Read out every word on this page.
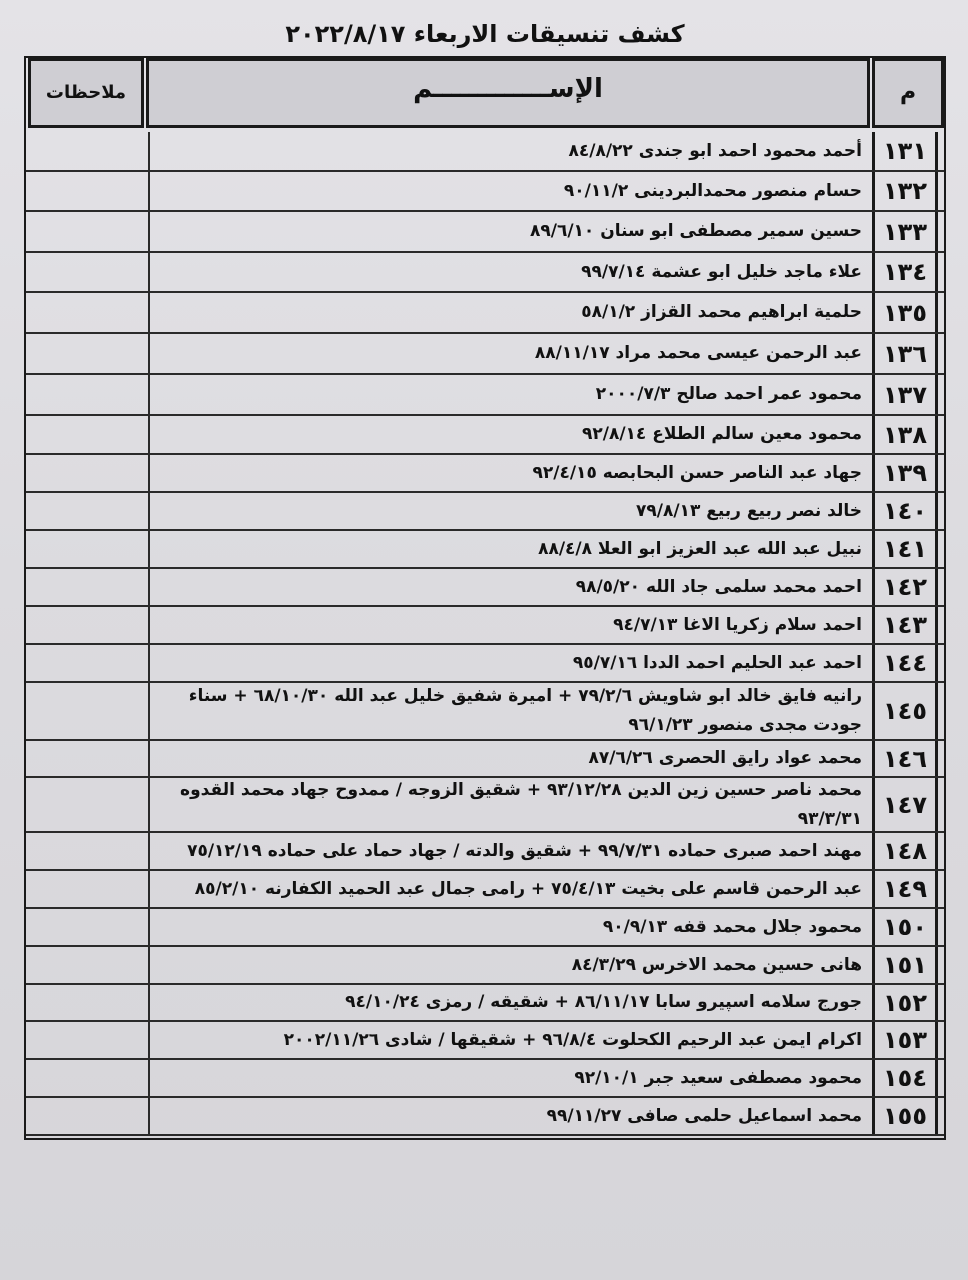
كشف تنسيقات الاربعاء ٢٠٢٢/٨/١٧
م
الإســـــــــــــم
ملاحظات
١٣١
أحمد محمود احمد ابو جندى ٨٤/٨/٢٢
١٣٢
حسام منصور محمدالبردينى ٩٠/١١/٢
١٣٣
حسين سمير مصطفى ابو سنان ٨٩/٦/١٠
١٣٤
علاء ماجد خليل ابو عشمة ٩٩/٧/١٤
١٣٥
حلمية ابراهيم محمد القزاز ٥٨/١/٢
١٣٦
عبد الرحمن عيسى محمد مراد ٨٨/١١/١٧
١٣٧
محمود عمر احمد صالح ٢٠٠٠/٧/٣
١٣٨
محمود معين سالم الطلاع ٩٢/٨/١٤
١٣٩
جهاد عبد الناصر حسن البحابصه ٩٢/٤/١٥
١٤٠
خالد نصر ربيع ربيع ٧٩/٨/١٣
١٤١
نبيل عبد الله عبد العزيز ابو العلا ٨٨/٤/٨
١٤٢
احمد محمد سلمى جاد الله ٩٨/٥/٢٠
١٤٣
احمد سلام زكريا الاغا ٩٤/٧/١٣
١٤٤
احمد عبد الحليم احمد الددا ٩٥/٧/١٦
١٤٥
رانيه فايق خالد ابو شاويش ٧٩/٢/٦ + اميرة شفيق خليل عبد الله ٦٨/١٠/٣٠ + سناء جودت مجدى منصور ٩٦/١/٢٣
١٤٦
محمد عواد رايق الحصرى ٨٧/٦/٢٦
١٤٧
محمد ناصر حسين زين الدين ٩٣/١٢/٢٨ + شقيق الزوجه / ممدوح جهاد محمد القدوه ٩٣/٣/٣١
١٤٨
مهند احمد صبرى حماده ٩٩/٧/٣١ + شقيق والدته / جهاد حماد على حماده ٧٥/١٢/١٩
١٤٩
عبد الرحمن قاسم على بخيت ٧٥/٤/١٣ + رامى جمال عبد الحميد الكفارنه ٨٥/٢/١٠
١٥٠
محمود جلال محمد قفه ٩٠/٩/١٣
١٥١
هانى حسين محمد الاخرس ٨٤/٣/٢٩
١٥٢
جورج سلامه اسپيرو سابا ٨٦/١١/١٧ + شقيقه / رمزى ٩٤/١٠/٢٤
١٥٣
اكرام ايمن عبد الرحيم الكحلوت ٩٦/٨/٤ + شقيقها / شادى ٢٠٠٢/١١/٢٦
١٥٤
محمود مصطفى سعيد جبر ٩٢/١٠/١
١٥٥
محمد اسماعيل حلمى صافى ٩٩/١١/٢٧
